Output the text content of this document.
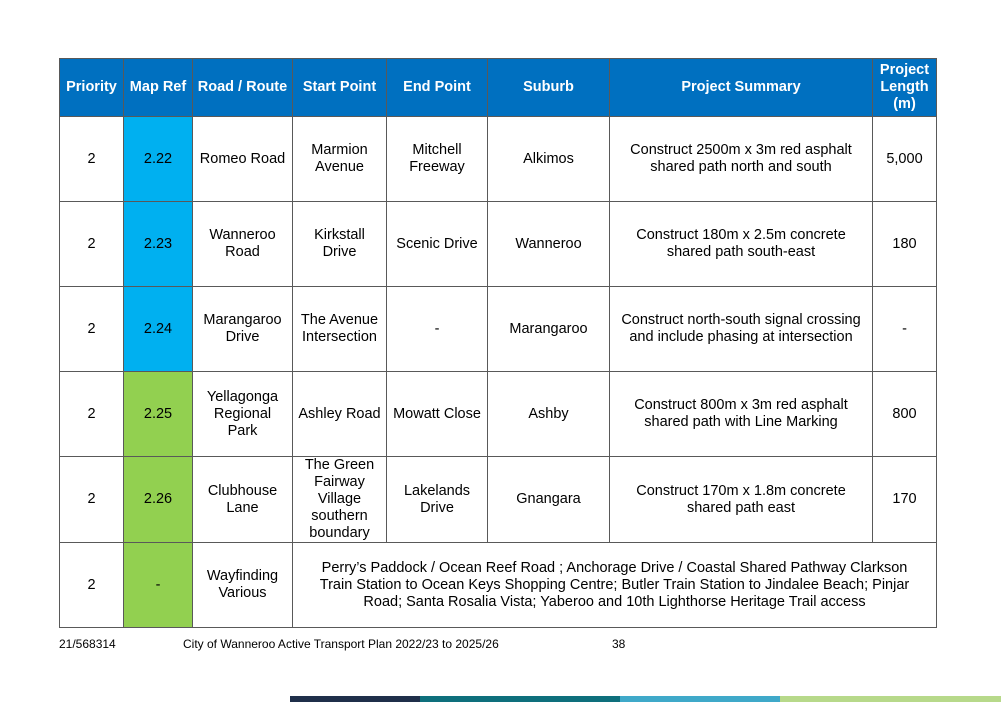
Priority	Map Ref	Road / Route	Start Point	End Point	Suburb	Project Summary	Project Length (m)
2	2.22	Romeo Road	Marmion Avenue	Mitchell Freeway	Alkimos	Construct 2500m x 3m red asphalt shared path north and south	5,000
2	2.23	Wanneroo Road	Kirkstall Drive	Scenic Drive	Wanneroo	Construct 180m x 2.5m concrete shared path south-east	180
2	2.24	Marangaroo Drive	The Avenue Intersection	-	Marangaroo	Construct north-south signal crossing and include phasing at intersection	-
2	2.25	Yellagonga Regional Park	Ashley Road	Mowatt Close	Ashby	Construct 800m x 3m red asphalt shared path with Line Marking	800
2	2.26	Clubhouse Lane	The Green Fairway Village southern boundary	Lakelands Drive	Gnangara	Construct 170m x 1.8m concrete shared path east	170
2	-	Wayfinding Various	Perry’s Paddock / Ocean Reef Road ; Anchorage Drive / Coastal Shared Pathway Clarkson Train Station to Ocean Keys Shopping Centre; Butler Train Station to Jindalee Beach; Pinjar Road; Santa Rosalia Vista; Yaberoo and 10th Lighthorse Heritage Trail access				
21/568314	City of Wanneroo Active Transport Plan 2022/23 to 2025/26	38
